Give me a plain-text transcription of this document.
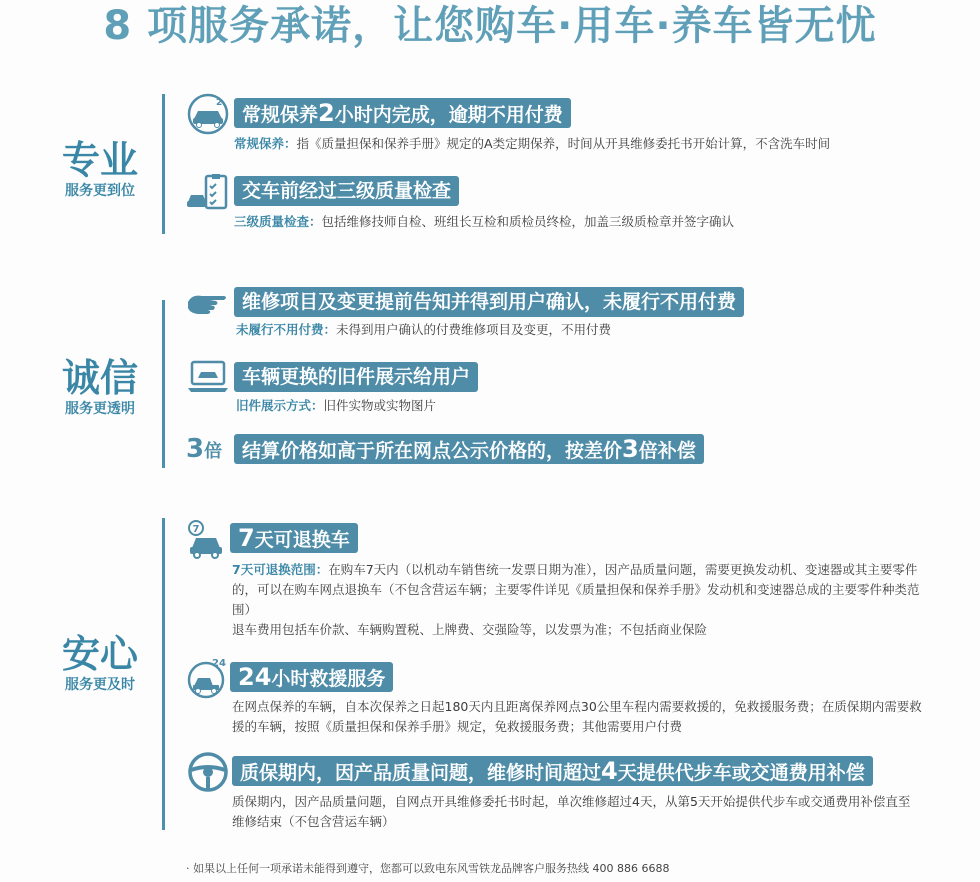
8 项服务承诺，让您购车·用车·养车皆无忧
专业
服务更到位
2
常规保养2小时内完成，逾期不用付费
常规保养：指《质量担保和保养手册》规定的A类定期保养，时间从开具维修委托书开始计算，不含洗车时间
交车前经过三级质量检查
三级质量检查：包括维修技师自检、班组长互检和质检员终检，加盖三级质检章并签字确认
诚信
服务更透明
维修项目及变更提前告知并得到用户确认，未履行不用付费
未履行不用付费：未得到用户确认的付费维修项目及变更，不用付费
车辆更换的旧件展示给用户
旧件展示方式：旧件实物或实物图片
3倍	结算价格如高于所在网点公示价格的，按差价3倍补偿
安心
服务更及时
7	7天可退换车
7天可退换范围：在购车7天内（以机动车销售统一发票日期为准），因产品质量问题，需要更换发动机、变速器或其主要零件的，可以在购车网点退换车（不包含营运车辆；主要零件详见《质量担保和保养手册》发动机和变速器总成的主要零件种类范围）
退车费用包括车价款、车辆购置税、上牌费、交强险等，以发票为准；不包括商业保险
24 24小时救援服务
在网点保养的车辆，自本次保养之日起180天内且距离保养网点30公里车程内需要救援的，免救援服务费；在质保期内需要救援的车辆，按照《质量担保和保养手册》规定，免救援服务费；其他需要用户付费
质保期内，因产品质量问题，维修时间超过4天提供代步车或交通费用补偿
质保期内，因产品质量问题，自网点开具维修委托书时起，单次维修超过4天，从第5天开始提供代步车或交通费用补偿直至维修结束（不包含营运车辆）
· 如果以上任何一项承诺未能得到遵守，您都可以致电东风雪铁龙品牌客户服务热线 400 886 6688
